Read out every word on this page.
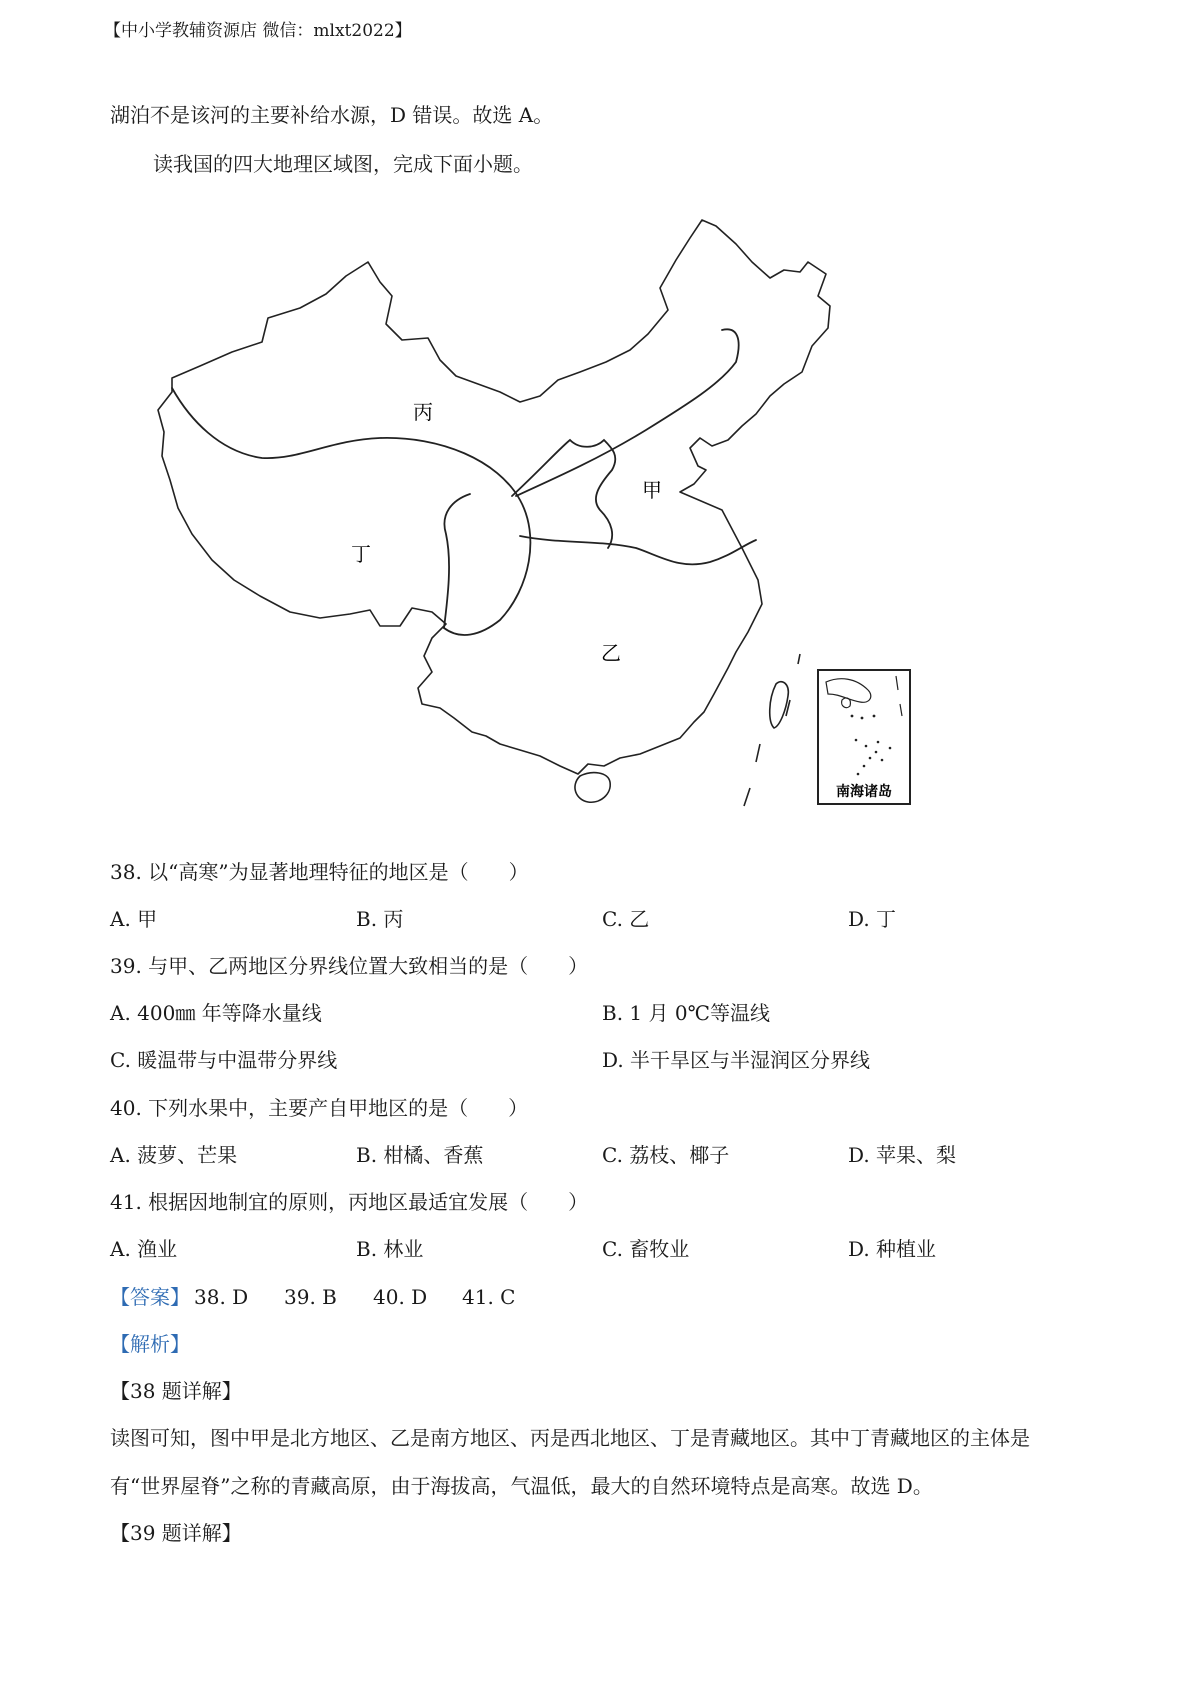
【中小学教辅资源店 微信：mlxt2022】
湖泊不是该河的主要补给水源，D 错误。故选 A。
读我国的四大地理区域图，完成下面小题。
丙
甲
丁
乙
南海诸岛
38. 以“高寒”为显著地理特征的地区是（　　）
A. 甲	B. 丙	C. 乙	D. 丁
39. 与甲、乙两地区分界线位置大致相当的是（　　）
A. 400㎜ 年等降水量线	B. 1 月 0℃等温线
C. 暖温带与中温带分界线	D. 半干旱区与半湿润区分界线
40. 下列水果中，主要产自甲地区的是（　　）
A. 菠萝、芒果	B. 柑橘、香蕉	C. 荔枝、椰子	D. 苹果、梨
41. 根据因地制宜的原则，丙地区最适宜发展（　　）
A. 渔业	B. 林业	C. 畜牧业	D. 种植业
【答案】 38. D 39. B 40. D 41. C
【解析】
【38 题详解】
读图可知，图中甲是北方地区、乙是南方地区、丙是西北地区、丁是青藏地区。其中丁青藏地区的主体是
有“世界屋脊”之称的青藏高原，由于海拔高，气温低，最大的自然环境特点是高寒。故选 D。
【39 题详解】
